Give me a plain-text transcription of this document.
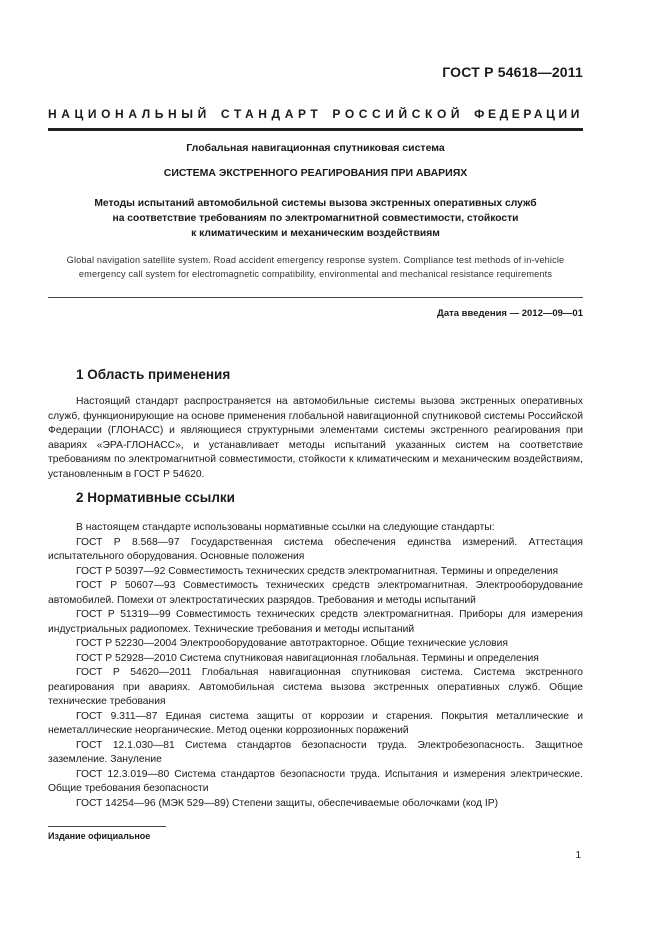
ГОСТ Р 54618—2011
НАЦИОНАЛЬНЫЙ СТАНДАРТ РОССИЙСКОЙ ФЕДЕРАЦИИ
Глобальная навигационная спутниковая система
СИСТЕМА ЭКСТРЕННОГО РЕАГИРОВАНИЯ ПРИ АВАРИЯХ
Методы испытаний автомобильной системы вызова экстренных оперативных служб
на соответствие требованиям по электромагнитной совместимости, стойкости
к климатическим и механическим воздействиям
Global navigation satellite system. Road accident emergency response system. Compliance test methods of in-vehicle
emergency call system for electromagnetic compatibility, environmental and mechanical resistance requirements
Дата введения — 2012—09—01
1 Область применения
Настоящий стандарт распространяется на автомобильные системы вызова экстренных оперативных служб, функционирующие на основе применения глобальной навигационной спутниковой системы Российской Федерации (ГЛОНАСС) и являющиеся структурными элементами системы экстренного реагирования при авариях «ЭРА-ГЛОНАСС», и устанавливает методы испытаний указанных систем на соответствие требованиям по электромагнитной совместимости, стойкости к климатическим и механическим воздействиям, установленным в ГОСТ Р 54620.
2 Нормативные ссылки

В настоящем стандарте использованы нормативные ссылки на следующие стандарты:

ГОСТ Р 8.568—97 Государственная система обеспечения единства измерений. Аттестация испытательного оборудования. Основные положения

ГОСТ Р 50397—92 Совместимость технических средств электромагнитная. Термины и определения

ГОСТ Р 50607—93 Совместимость технических средств электромагнитная. Электрооборудование автомобилей. Помехи от электростатических разрядов. Требования и методы испытаний

ГОСТ Р 51319—99 Совместимость технических средств электромагнитная. Приборы для измерения индустриальных радиопомех. Технические требования и методы испытаний

ГОСТ Р 52230—2004 Электрооборудование автотракторное. Общие технические условия

ГОСТ Р 52928—2010 Система спутниковая навигационная глобальная. Термины и определения

ГОСТ Р 54620—2011 Глобальная навигационная спутниковая система. Система экстренного реагирования при авариях. Автомобильная система вызова экстренных оперативных служб. Общие технические требования

ГОСТ 9.311—87 Единая система защиты от коррозии и старения. Покрытия металлические и неметаллические неорганические. Метод оценки коррозионных поражений

ГОСТ 12.1.030—81 Система стандартов безопасности труда. Электробезопасность. Защитное заземление. Зануление

ГОСТ 12.3.019—80 Система стандартов безопасности труда. Испытания и измерения электрические. Общие требования безопасности

ГОСТ 14254—96 (МЭК 529—89) Степени защиты, обеспечиваемые оболочками (код IP)

Издание официальное
1
